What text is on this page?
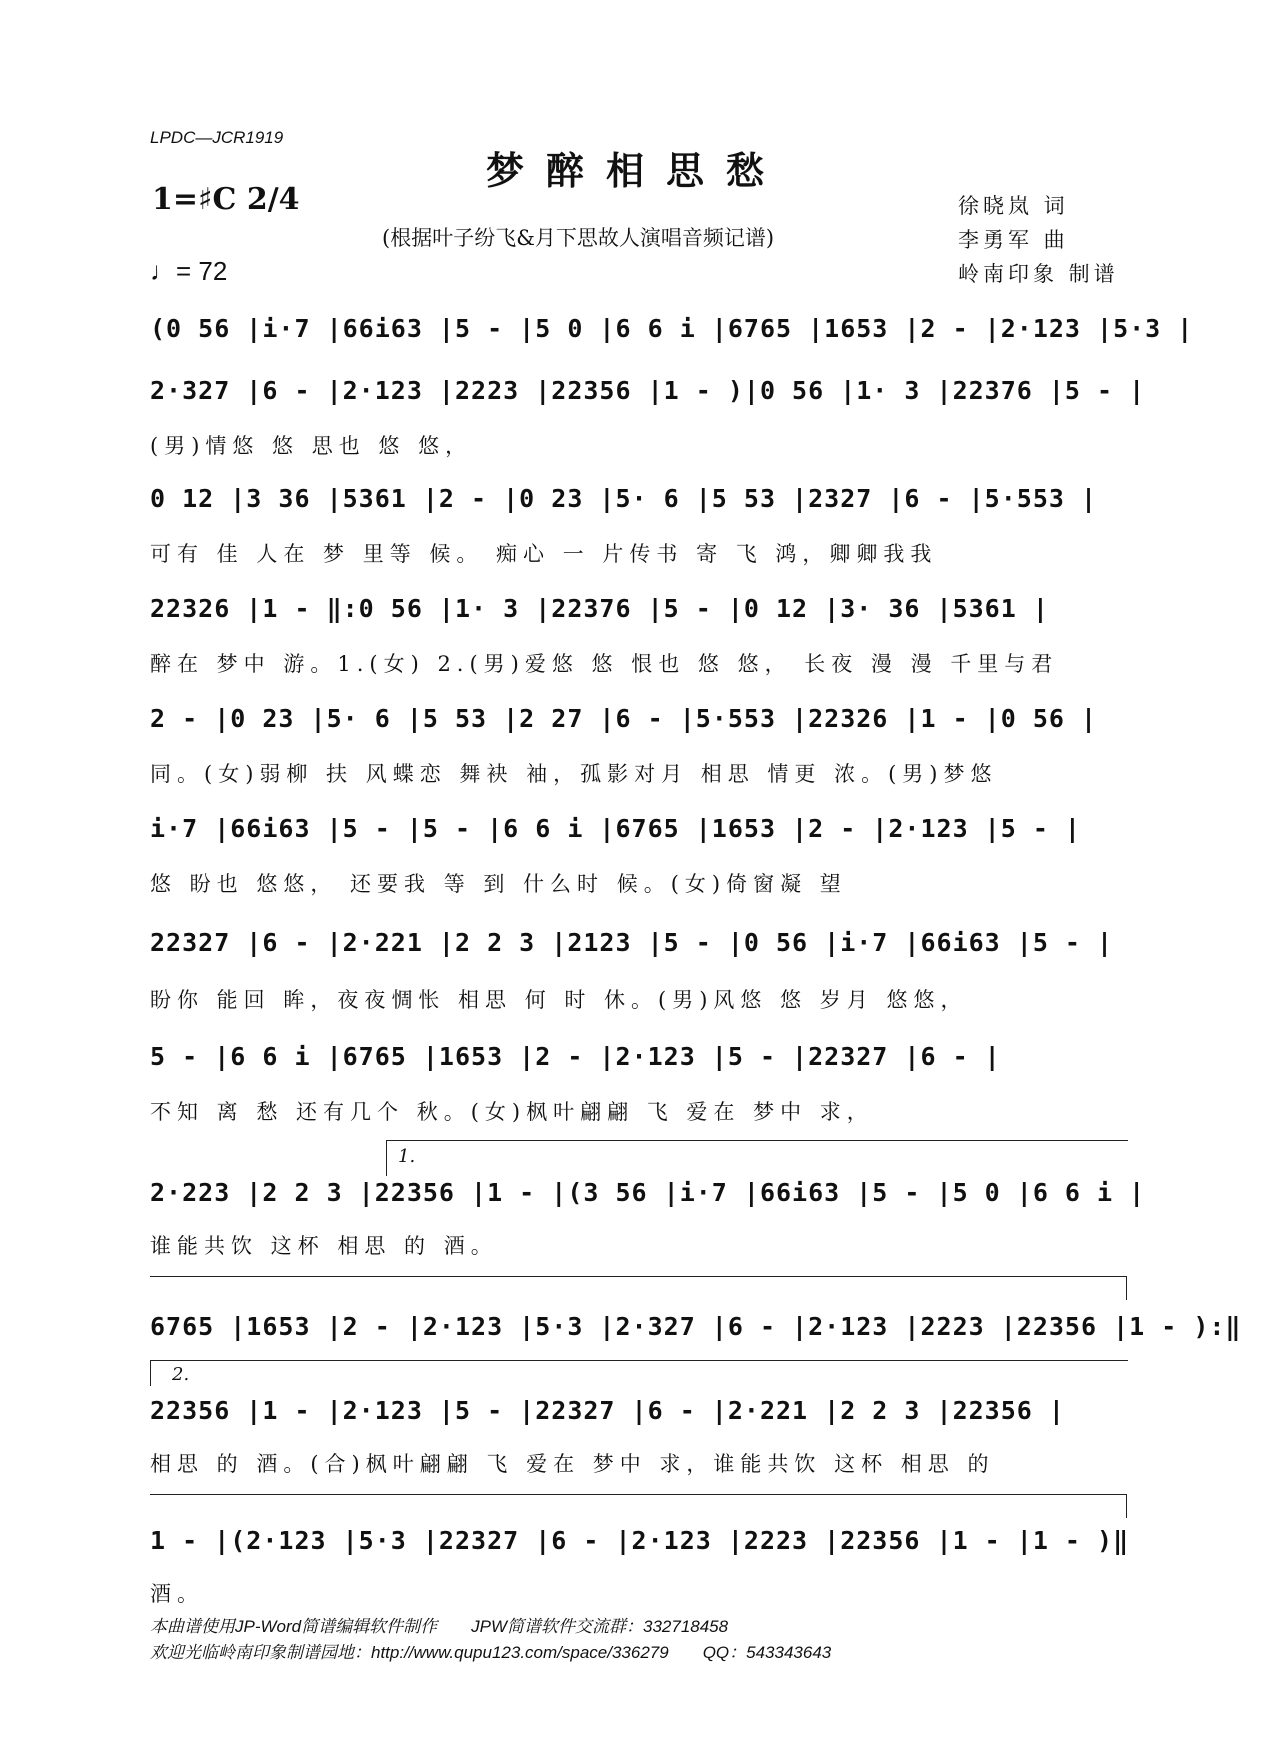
LPDC—JCR1919
梦醉相思愁
1=♯C 2/4
(根据叶子纷飞&月下思故人演唱音频记谱)
♩= 72
徐晓岚 词
李勇军 曲
岭南印象 制谱
(0 56 |i·7 |66i63 |5 - |5 0 |6 6 i |6765 |1653 |2 - |2·123 |5·3 |
2·327 |6 - |2·123 |2223 |22356 |1 - )|0 56 |1· 3 |22376 |5 - |
(男)情悠 悠 思也 悠 悠，
0 12 |3 36 |5361 |2 - |0 23 |5· 6 |5 53 |2327 |6 - |5·553 |
可有 佳 人在 梦 里等 候。 痴心 一 片传书 寄 飞 鸿，卿卿我我
22326 |1 - ‖:0 56 |1· 3 |22376 |5 - |0 12 |3· 36 |5361 |
醉在 梦中 游。1.(女) 2.(男)爱悠 悠 恨也 悠 悠， 长夜 漫 漫 千里与君
2 - |0 23 |5· 6 |5 53 |2 27 |6 - |5·553 |22326 |1 - |0 56 |
同。(女)弱柳 扶 风蝶恋 舞袂 袖，孤影对月 相思 情更 浓。(男)梦悠
i·7 |66i63 |5 - |5 - |6 6 i |6765 |1653 |2 - |2·123 |5 - |
悠 盼也 悠悠， 还要我 等 到 什么时 候。(女)倚窗凝 望
22327 |6 - |2·221 |2 2 3 |2123 |5 - |0 56 |i·7 |66i63 |5 - |
盼你 能回 眸，夜夜惆怅 相思 何 时 休。(男)风悠 悠 岁月 悠悠，
5 - |6 6 i |6765 |1653 |2 - |2·123 |5 - |22327 |6 - |
不知 离 愁 还有几个 秋。(女)枫叶翩翩 飞 爱在 梦中 求，
1.
2·223 |2 2 3 |22356 |1 - |(3 56 |i·7 |66i63 |5 - |5 0 |6 6 i |
谁能共饮 这杯 相思 的 酒。
6765 |1653 |2 - |2·123 |5·3 |2·327 |6 - |2·123 |2223 |22356 |1 - ):‖
2.
22356 |1 - |2·123 |5 - |22327 |6 - |2·221 |2 2 3 |22356 |
相思 的 酒。(合)枫叶翩翩 飞 爱在 梦中 求，谁能共饮 这杯 相思 的
1 - |(2·123 |5·3 |22327 |6 - |2·123 |2223 |22356 |1 - |1 - )‖
酒。
本曲谱使用JP-Word简谱编辑软件制作　　JPW简谱软件交流群：332718458
欢迎光临岭南印象制谱园地：http://www.qupu123.com/space/336279　　QQ：543343643
